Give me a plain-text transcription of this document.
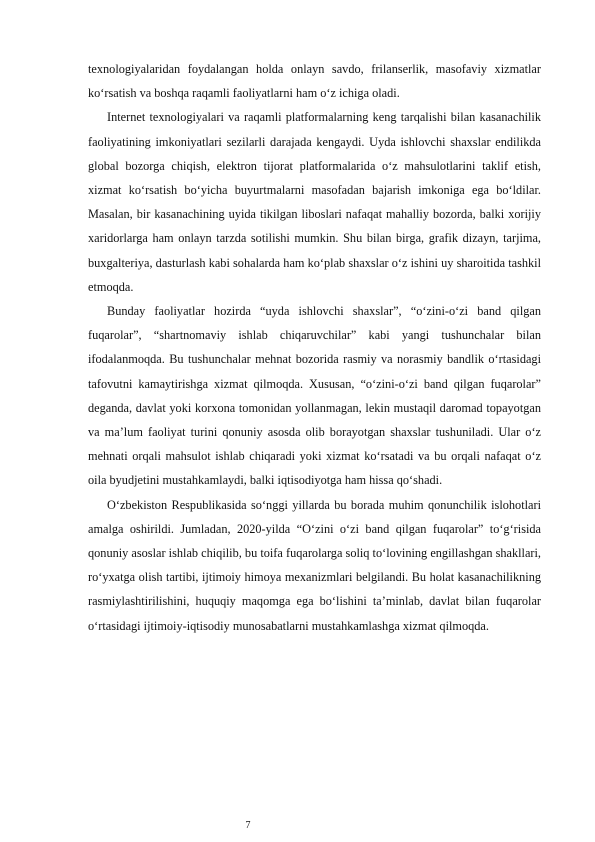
texnologiyalaridan foydalangan holda onlayn savdo, frilanserlik, masofaviy xizmatlar ko‘rsatish va boshqa raqamli faoliyatlarni ham o‘z ichiga oladi.

Internet texnologiyalari va raqamli platformalarning keng tarqalishi bilan kasanachilik faoliyatining imkoniyatlari sezilarli darajada kengaydi. Uyda ishlovchi shaxslar endilikda global bozorga chiqish, elektron tijorat platformalarida o‘z mahsulotlarini taklif etish, xizmat ko‘rsatish bo‘yicha buyurtmalarni masofadan bajarish imkoniga ega bo‘ldilar. Masalan, bir kasanachining uyida tikilgan liboslari nafaqat mahalliy bozorda, balki xorijiy xaridorlarga ham onlayn tarzda sotilishi mumkin. Shu bilan birga, grafik dizayn, tarjima, buxgalteriya, dasturlash kabi sohalarda ham ko‘plab shaxslar o‘z ishini uy sharoitida tashkil etmoqda.

Bunday faoliyatlar hozirda “uyda ishlovchi shaxslar”, “o‘zini-o‘zi band qilgan fuqarolar”, “shartnomaviy ishlab chiqaruvchilar” kabi yangi tushunchalar bilan ifodalanmoqda. Bu tushunchalar mehnat bozorida rasmiy va norasmiy bandlik o‘rtasidagi tafovutni kamaytirishga xizmat qilmoqda. Xususan, “o‘zini-o‘zi band qilgan fuqarolar” deganda, davlat yoki korxona tomonidan yollanmagan, lekin mustaqil daromad topayotgan va ma’lum faoliyat turini qonuniy asosda olib borayotgan shaxslar tushuniladi. Ular o‘z mehnati orqali mahsulot ishlab chiqaradi yoki xizmat ko‘rsatadi va bu orqali nafaqat o‘z oila byudjetini mustahkamlaydi, balki iqtisodiyotga ham hissa qo‘shadi.

O‘zbekiston Respublikasida so‘nggi yillarda bu borada muhim qonunchilik islohotlari amalga oshirildi. Jumladan, 2020-yilda “O‘zini o‘zi band qilgan fuqarolar” to‘g‘risida qonuniy asoslar ishlab chiqilib, bu toifa fuqarolarga soliq to‘lovining engillashgan shakllari, ro‘yxatga olish tartibi, ijtimoiy himoya mexanizmlari belgilandi. Bu holat kasanachilikning rasmiylashtirilishini, huquqiy maqomga ega bo‘lishini ta’minlab, davlat bilan fuqarolar o‘rtasidagi ijtimoiy-iqtisodiy munosabatlarni mustahkamlashga xizmat qilmoqda.

7
